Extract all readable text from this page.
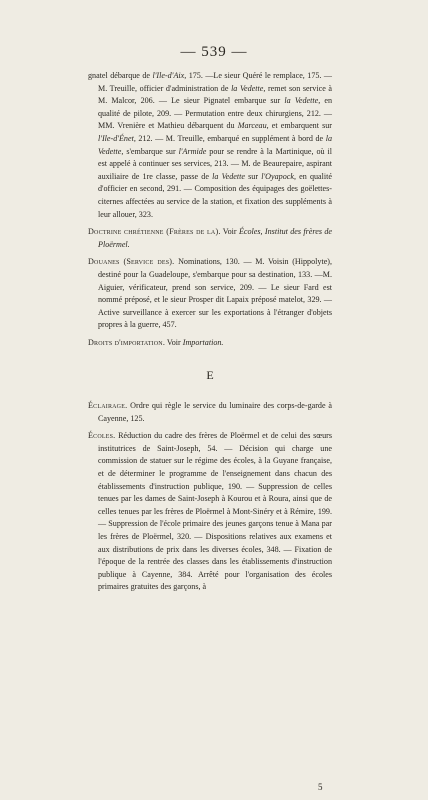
— 539 —

gnatel débarque de l'Ile-d'Aix, 175. —Le sieur Quéré le remplace, 175. — M. Treuille, officier d'administration de la Vedette, remet son service à M. Malcor, 206. — Le sieur Pignatel embarque sur la Vedette, en qualité de pilote, 209. — Permutation entre deux chirurgiens, 212. — MM. Vrenière et Mathieu débarquent du Marceau, et embarquent sur l'Ile-d'Énet, 212. — M. Treuille, embarqué en supplément à bord de la Vedette, s'embarque sur l'Armide pour se rendre à la Martinique, où il est appelé à continuer ses services, 213. — M. de Beaurepaire, aspirant auxiliaire de 1re classe, passe de la Vedette sur l'Oyapock, en qualité d'officier en second, 291. — Composition des équipages des goëlettes-citernes affectées au service de la station, et fixation des suppléments à leur allouer, 323.

Doctrine chrétienne (Frères de la). Voir Écoles, Institut des frères de Ploërmel.

Douanes (Service des). Nominations, 130. — M. Voisin (Hippolyte), destiné pour la Guadeloupe, s'embarque pour sa destination, 133. —M. Aiguier, vérificateur, prend son service, 209. — Le sieur Fard est nommé préposé, et le sieur Prosper dit Lapaix préposé matelot, 329. — Active surveillance à exercer sur les exportations à l'étranger d'objets propres à la guerre, 457.

Droits d'importation. Voir Importation.

E

Éclairage. Ordre qui règle le service du luminaire des corps-de-garde à Cayenne, 125.

Écoles. Réduction du cadre des frères de Ploërmel et de celui des sœurs institutrices de Saint-Joseph, 54. — Décision qui charge une commission de statuer sur le régime des écoles, à la Guyane française, et de déterminer le programme de l'enseignement dans chacun des établissements d'instruction publique, 190. — Suppression de celles tenues par les dames de Saint-Joseph à Kourou et à Roura, ainsi que de celles tenues par les frères de Ploërmel à Mont-Sinéry et à Rémire, 199. — Suppression de l'école primaire des jeunes garçons tenue à Mana par les frères de Ploërmel, 320. — Dispositions relatives aux examens et aux distributions de prix dans les diverses écoles, 348. — Fixation de l'époque de la rentrée des classes dans les établissements d'instruction publique à Cayenne, 384. Arrêté pour l'organisation des écoles primaires gratuites des garçons, à

5
